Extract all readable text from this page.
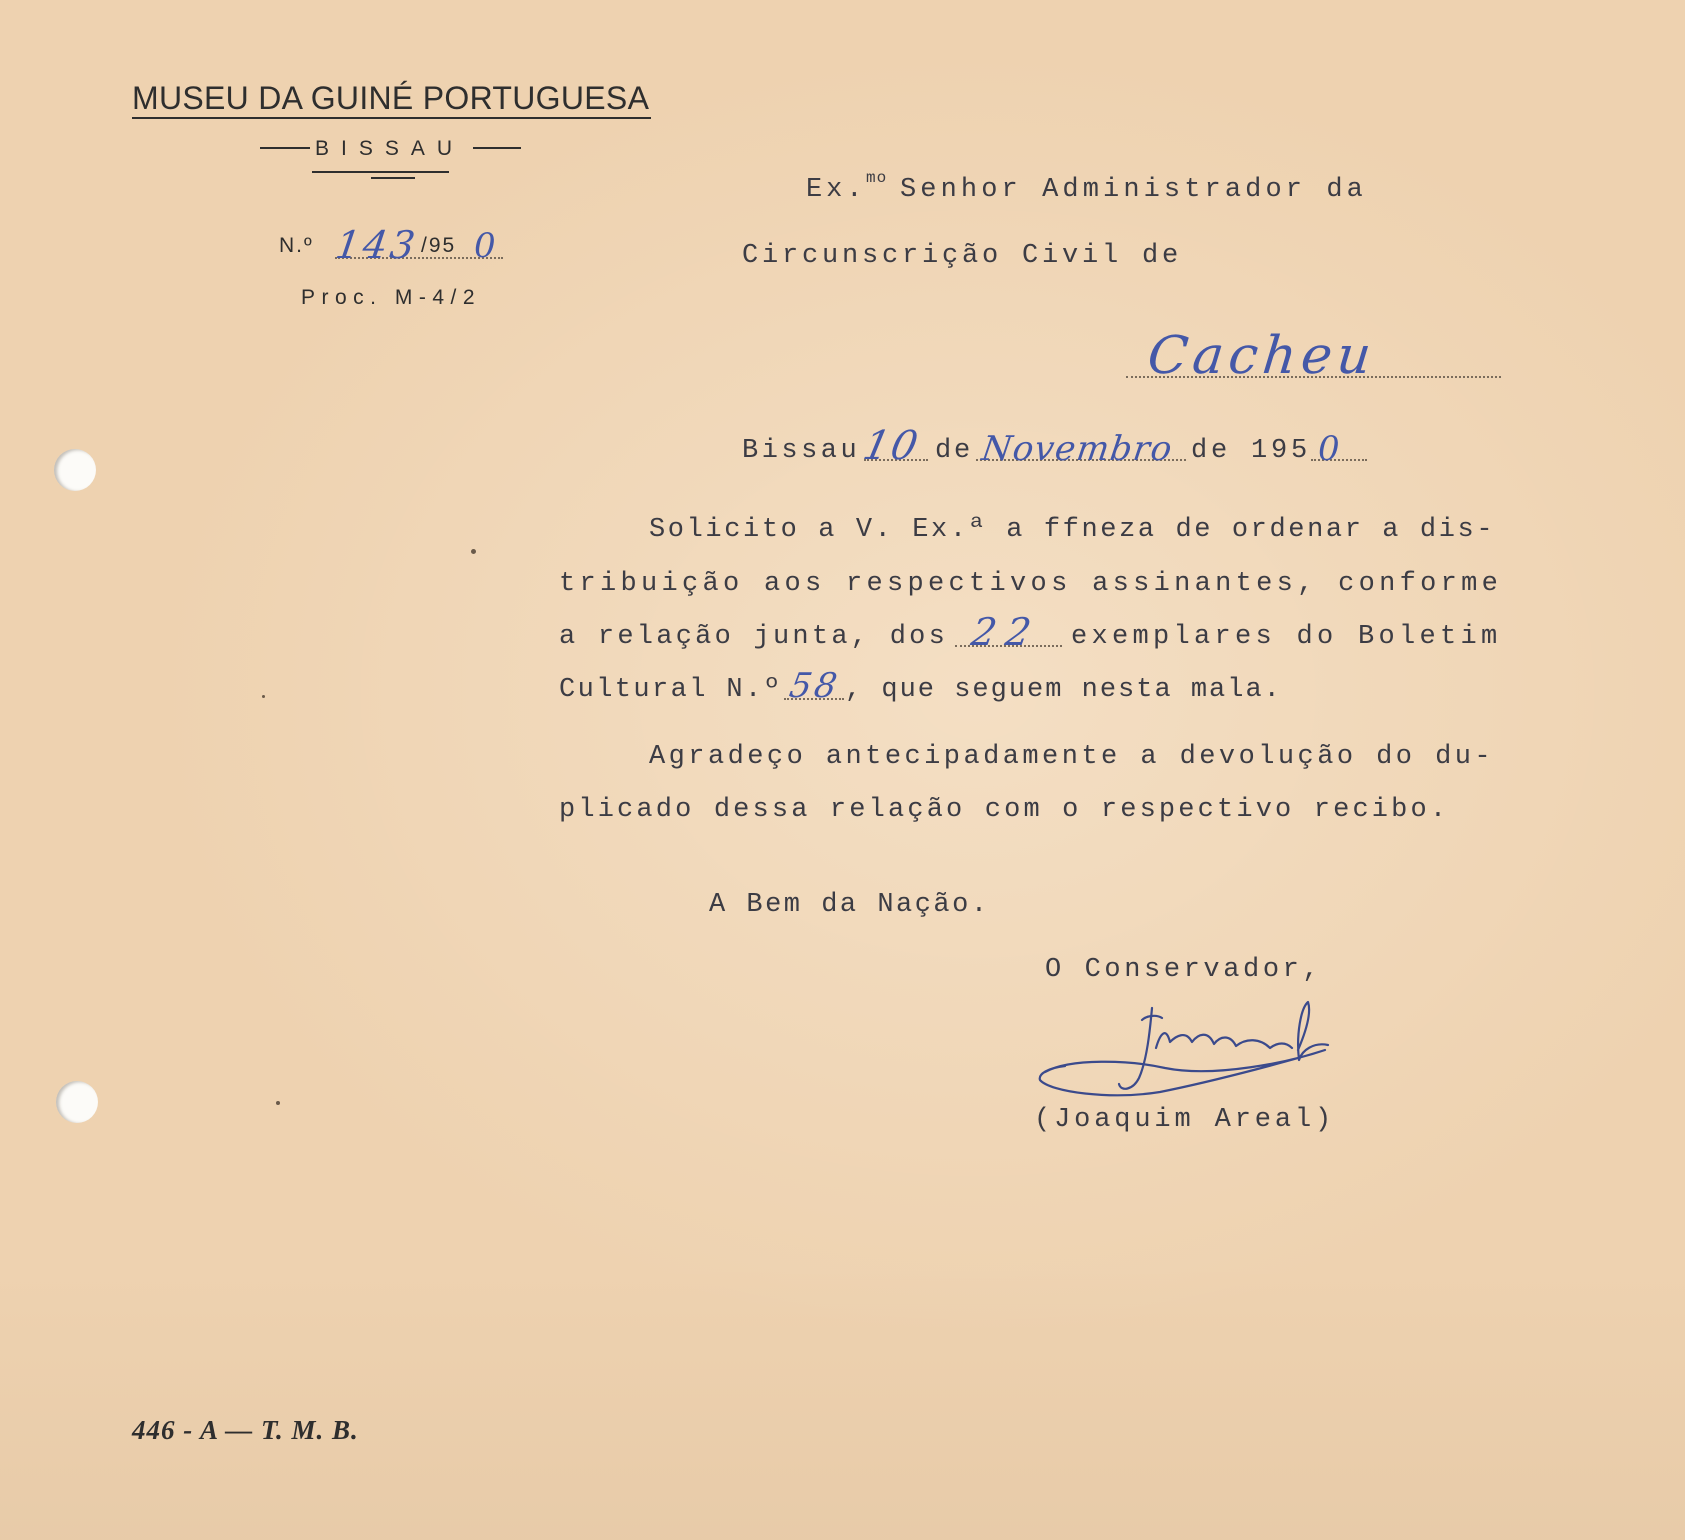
MUSEU DA GUINÉ PORTUGUESA
BISSAU
N.º 143 /95 0
Proc. M-4/2
Ex. mo Senhor Administrador da
Circunscrição Civil de
Cacheu
Bissau
10 de Novembro de 195 0
Solicito a V. Ex.ª a ffneza de ordenar a dis-
tribuição aos respectivos assinantes, conforme
a relação junta, dos 22 exemplares do Boletim
Cultural N.º 58 , que seguem nesta mala.
Agradeço antecipadamente a devolução do du-
plicado dessa relação com o respectivo recibo.
A Bem da Nação.
O Conservador,
(Joaquim Areal)
446 - A — T. M. B.
